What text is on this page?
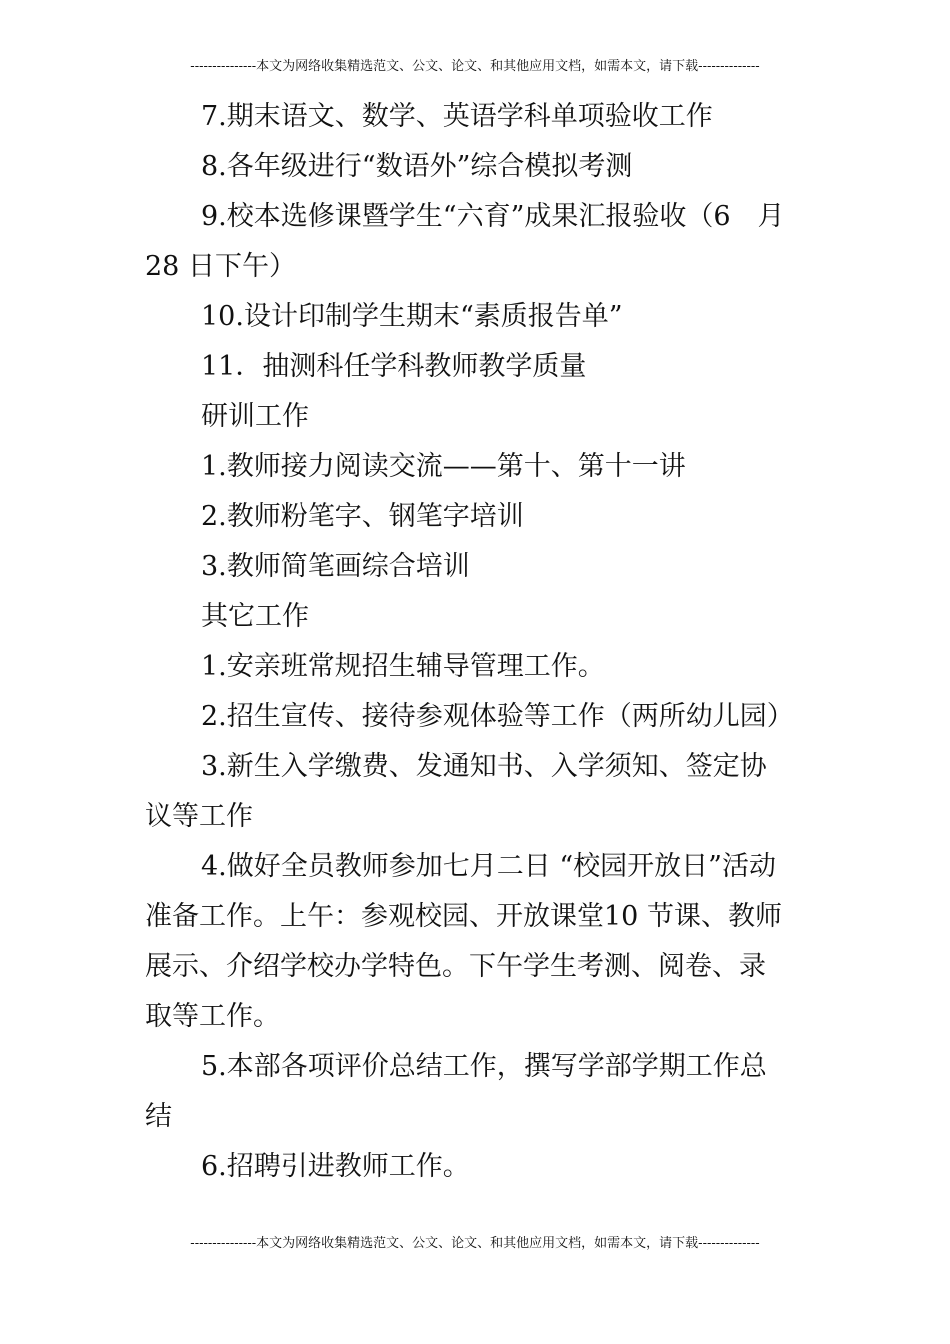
---------------本文为网络收集精选范文、公文、论文、和其他应用文档，如需本文，请下载--------------
7.期末语文、数学、英语学科单项验收工作
8.各年级进行“数语外”综合模拟考测
9.校本选修课暨学生“六育”成果汇报验收（6　月
28 日下午）
10.设计印制学生期末“素质报告单”
11．抽测科任学科教师教学质量
研训工作
1.教师接力阅读交流——第十、第十一讲
2.教师粉笔字、钢笔字培训
3.教师简笔画综合培训
其它工作
1.安亲班常规招生辅导管理工作。
2.招生宣传、接待参观体验等工作（两所幼儿园）
3.新生入学缴费、发通知书、入学须知、签定协
议等工作
4.做好全员教师参加七月二日 “校园开放日”活动
准备工作。上午：参观校园、开放课堂10 节课、教师
展示、介绍学校办学特色。下午学生考测、阅卷、录
取等工作。
5.本部各项评价总结工作，撰写学部学期工作总
结
6.招聘引进教师工作。
---------------本文为网络收集精选范文、公文、论文、和其他应用文档，如需本文，请下载--------------
